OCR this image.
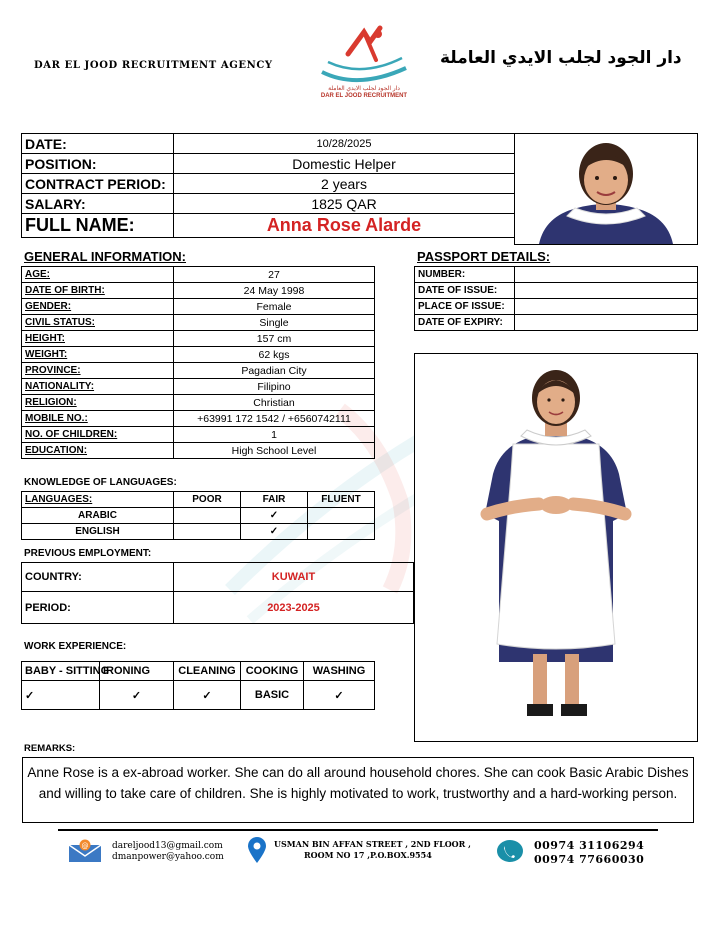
DAR EL JOOD RECRUITMENT AGENCY	دار الجود لجلب الايدي العاملة
دار الجود لجلب الايدي العاملة
DAR EL JOOD RECRUITMENT
DATE:	10/28/2025
POSITION:	Domestic Helper
CONTRACT PERIOD:	2 years
SALARY:	1825 QAR
FULL NAME:	Anna Rose Alarde
GENERAL INFORMATION:
AGE:	27
DATE OF BIRTH:	24 May 1998
GENDER:	Female
CIVIL STATUS:	Single
HEIGHT:	157 cm
WEIGHT:	62 kgs
PROVINCE:	Pagadian City
NATIONALITY:	Filipino
RELIGION:	Christian
MOBILE NO.:	+63991 172 1542 / +6560742111
NO. OF CHILDREN:	1
EDUCATION:	High School Level
PASSPORT DETAILS:
NUMBER:	
DATE OF ISSUE:	
PLACE OF ISSUE:	
DATE OF EXPIRY:	
KNOWLEDGE OF LANGUAGES:
LANGUAGES:	POOR	FAIR	FLUENT
ARABIC		✓	
ENGLISH		✓	
PREVIOUS EMPLOYMENT:
COUNTRY:	KUWAIT
PERIOD:	2023-2025
WORK EXPERIENCE:
BABY - SITTING	IRONING	CLEANING	COOKING	WASHING
✓	✓	✓	BASIC	✓
REMARKS:
Anne Rose is a ex-abroad worker. She can do all around household chores. She can cook Basic Arabic Dishes and willing to take care of children. She is highly motivated to work, trustworthy and a hard-working person.
@	dareljood13@gmail.com
dmanpower@yahoo.com
USMAN BIN AFFAN STREET , 2ND FLOOR ,
ROOM NO 17 ,P.O.BOX.9554
00974 31106294
00974 77660030
